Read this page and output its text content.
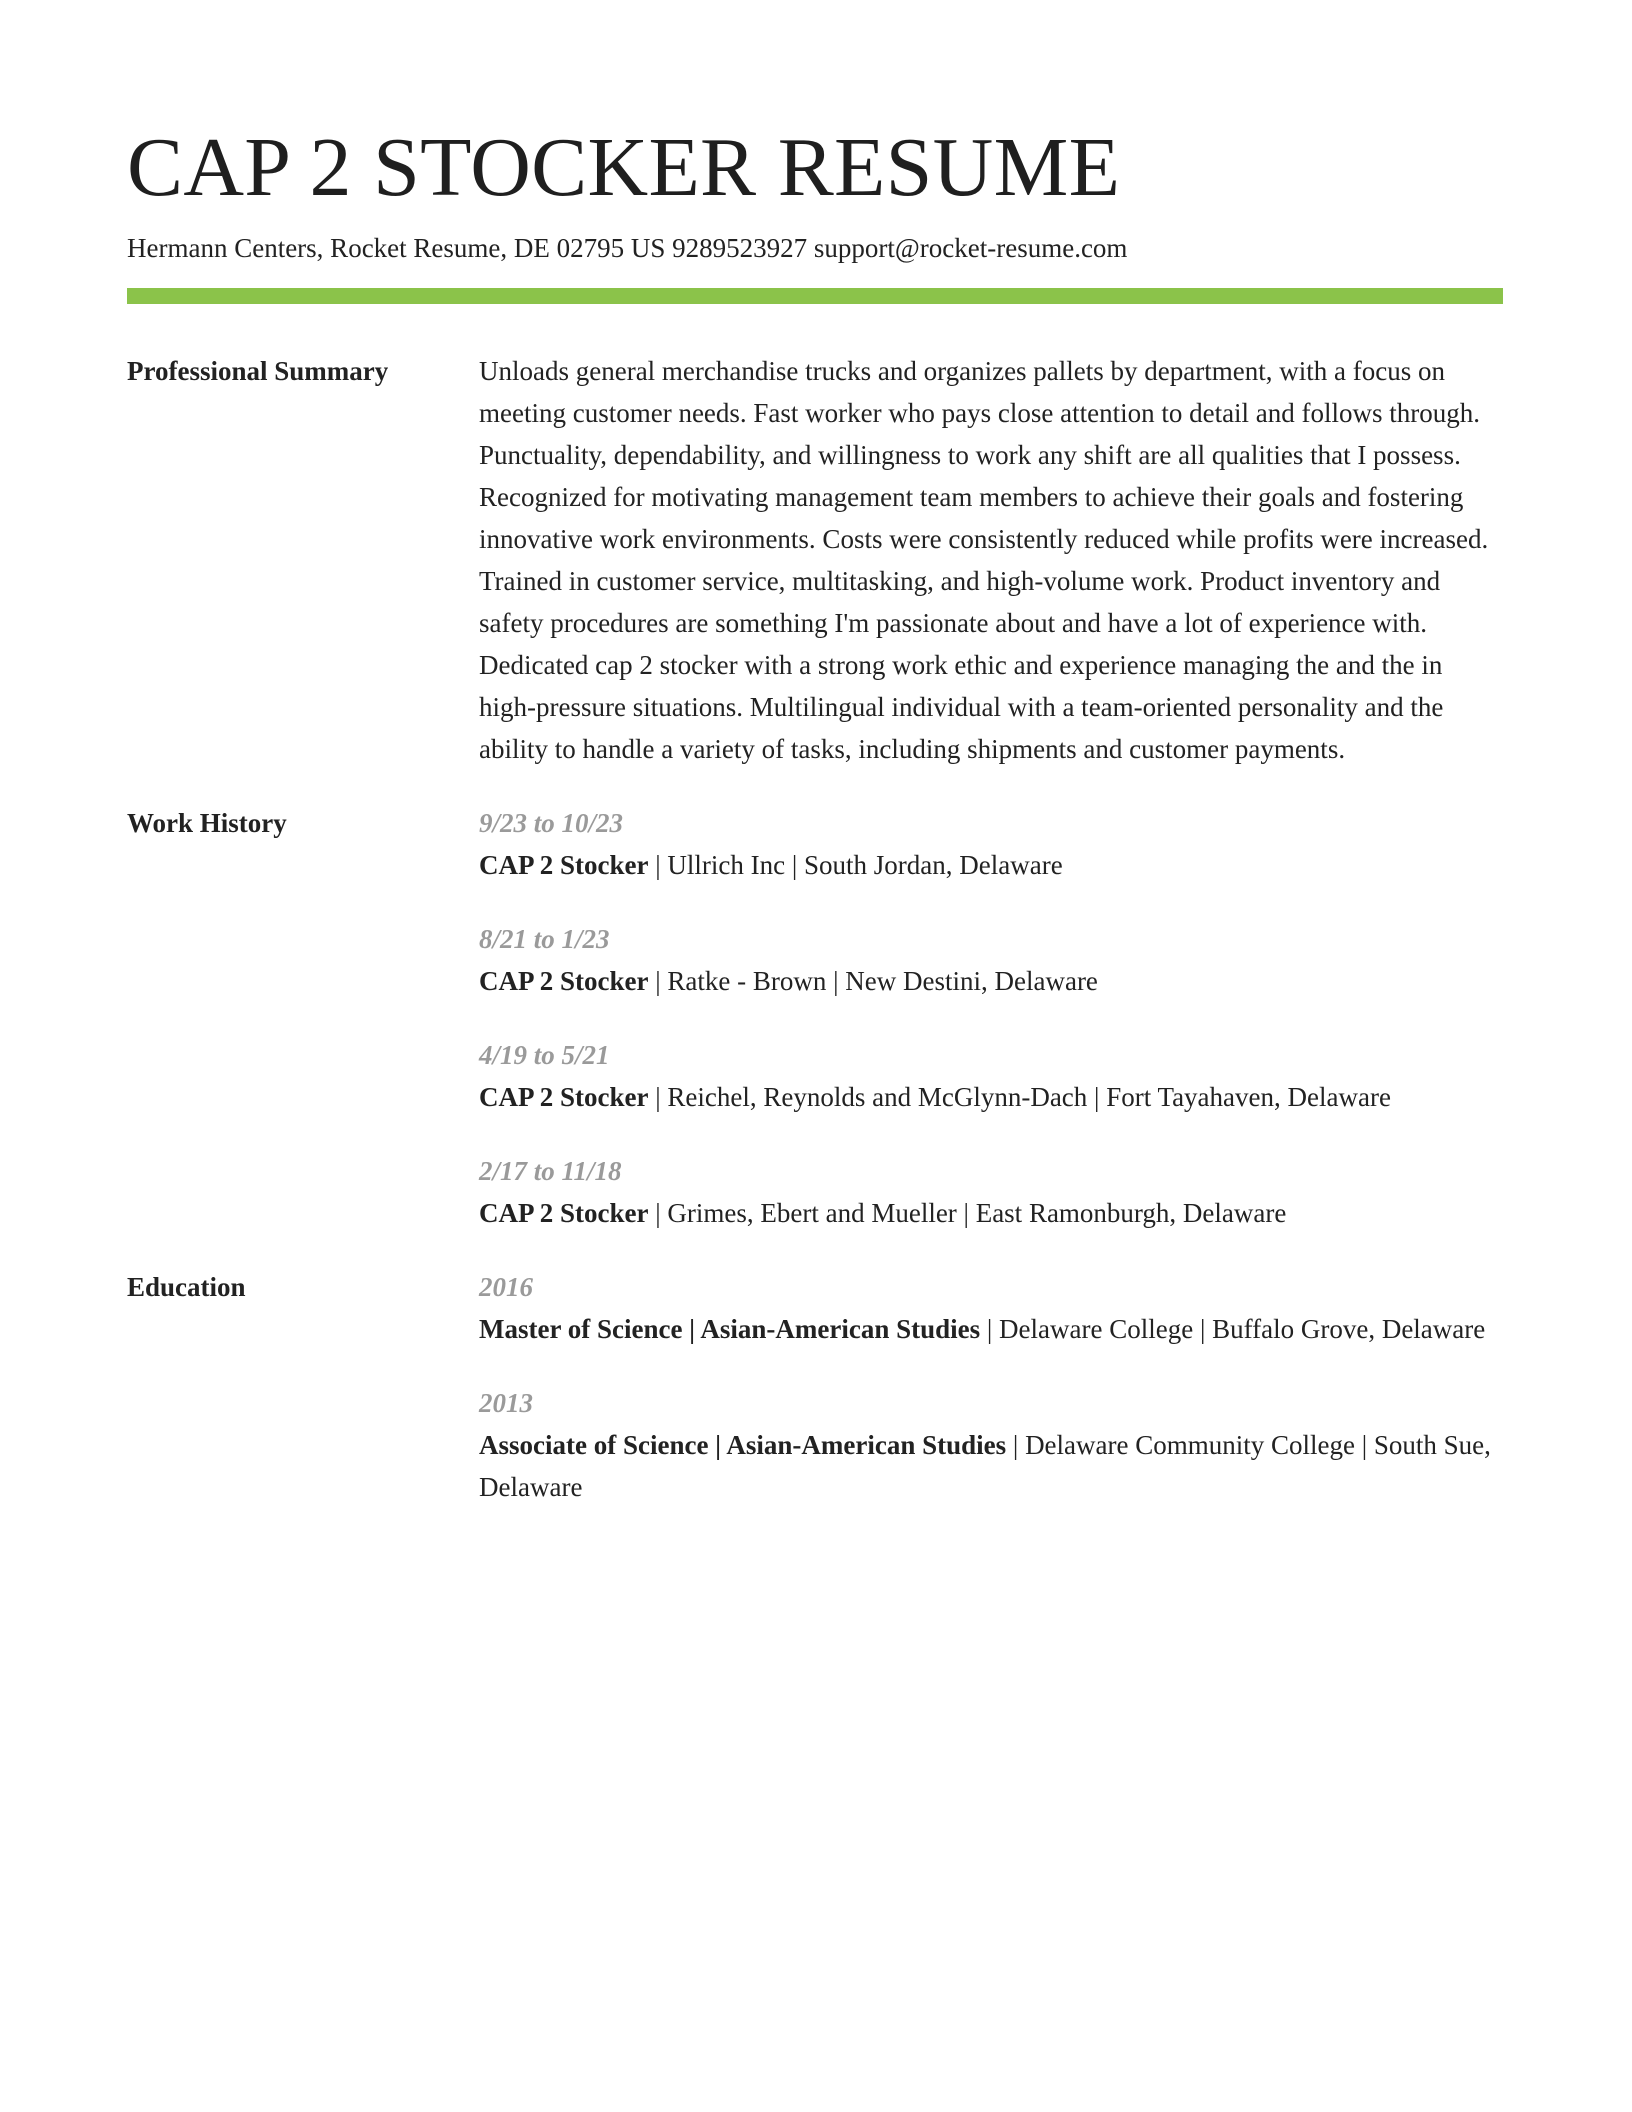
CAP 2 STOCKER RESUME
Hermann Centers, Rocket Resume, DE 02795 US 9289523927 support@rocket-resume.com
Professional Summary	Unloads general merchandise trucks and organizes pallets by department, with a focus on meeting customer needs. Fast worker who pays close attention to detail and follows through. Punctuality, dependability, and willingness to work any shift are all qualities that I possess. Recognized for motivating management team members to achieve their goals and fostering innovative work environments. Costs were consistently reduced while profits were increased. Trained in customer service, multitasking, and high-volume work. Product inventory and safety procedures are something I'm passionate about and have a lot of experience with. Dedicated cap 2 stocker with a strong work ethic and experience managing the and the in high-pressure situations. Multilingual individual with a team-oriented personality and the ability to handle a variety of tasks, including shipments and customer payments.

Work History	9/23 to 10/23
CAP 2 Stocker | Ullrich Inc | South Jordan, Delaware
8/21 to 1/23
CAP 2 Stocker | Ratke - Brown | New Destini, Delaware
4/19 to 5/21
CAP 2 Stocker | Reichel, Reynolds and McGlynn-Dach | Fort Tayahaven, Delaware
2/17 to 11/18
CAP 2 Stocker | Grimes, Ebert and Mueller | East Ramonburgh, Delaware
Education	2016
Master of Science | Asian-American Studies | Delaware College | Buffalo Grove, Delaware
2013
Associate of Science | Asian-American Studies | Delaware Community College | South Sue, Delaware
